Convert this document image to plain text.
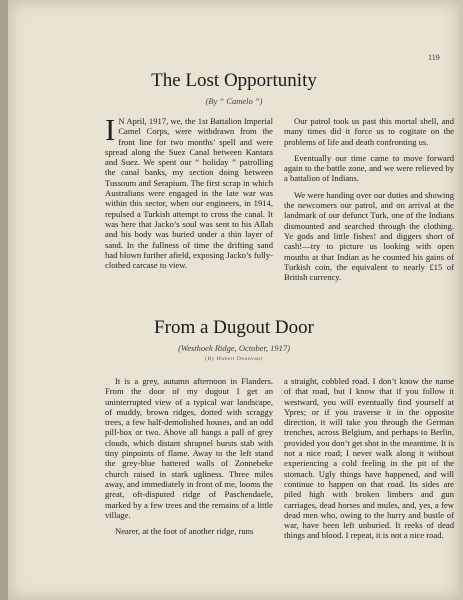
119
The Lost Opportunity
(By “ Camelo ”)

I N April, 1917, we, the 1st Battalion Imperial Camel Corps, were withdrawn from the front line for two months’ spell and were spread along the Suez Canal between Kantara and Suez. We spent our “ holiday ” patrolling the canal banks, my section doing between Tussoum and Serapium. The first scrap in which Australians were engaged in the late war was within this sector, when our engineers, in 1914, repulsed a Turkish attempt to cross the canal. It was here that Jacko’s soul was sent to his Allah and his body was buried under a thin layer of sand. In the fullness of time the drifting sand had blown further afield, exposing Jacko’s fully-clothed carcase to view.

Our patrol took us past this mortal shell, and many times did it force us to cogitate on the problems of life and death confronting us.

Eventually our time came to move forward again to the battle zone, and we were relieved by a battalion of Indians.

We were handing over our duties and showing the newcomers our patrol, and on arrival at the landmark of our defunct Turk, one of the Indians dismounted and searched through the clothing. Ye gods and little fishes! and diggers short of cash!—try to picture us looking with open mouths at that Indian as he counted his gains of Turkish coin, the equivalent to nearly £15 of British currency.

From a Dugout Door
(Westhoek Ridge, October, 1917)
(By Hubert Donovan)

It is a grey, autumn afternoon in Flanders. From the door of my dugout I get an uninterrupted view of a typical war landscape, of muddy, brown ridges, dotted with scraggy trees, a few half-demolished houses, and an odd pill-box or two. Above all hangs a pall of grey clouds, which distant shrapnel bursts stab with tiny pinpoints of flame. Away to the left stand the grey-blue battered walls of Zonnebeke church raised in stark ugliness. Three miles away, and immediately in front of me, looms the great, oft-disputed ridge of Paschendaele, marked by a few trees and the remains of a little village.

Nearer, at the foot of another ridge, runs

a straight, cobbled road. I don’t know the name of that road, but I know that if you follow it westward, you will eventually find yourself at Ypres; or if you traverse it in the opposite direction, it will take you through the German trenches, across Belgium, and perhaps to Berlin, provided you don’t get shot in the meantime. It is not a nice road; I never walk along it without experiencing a cold feeling in the pit of the stomach. Ugly things have happened, and will continue to happen on that road. Its sides are piled high with broken limbers and gun carriages, dead horses and mules, and, yes, a few dead men who, owing to the hurry and bustle of war, have been left unburied. It reeks of dead things and blood. I repeat, it is not a nice road.
